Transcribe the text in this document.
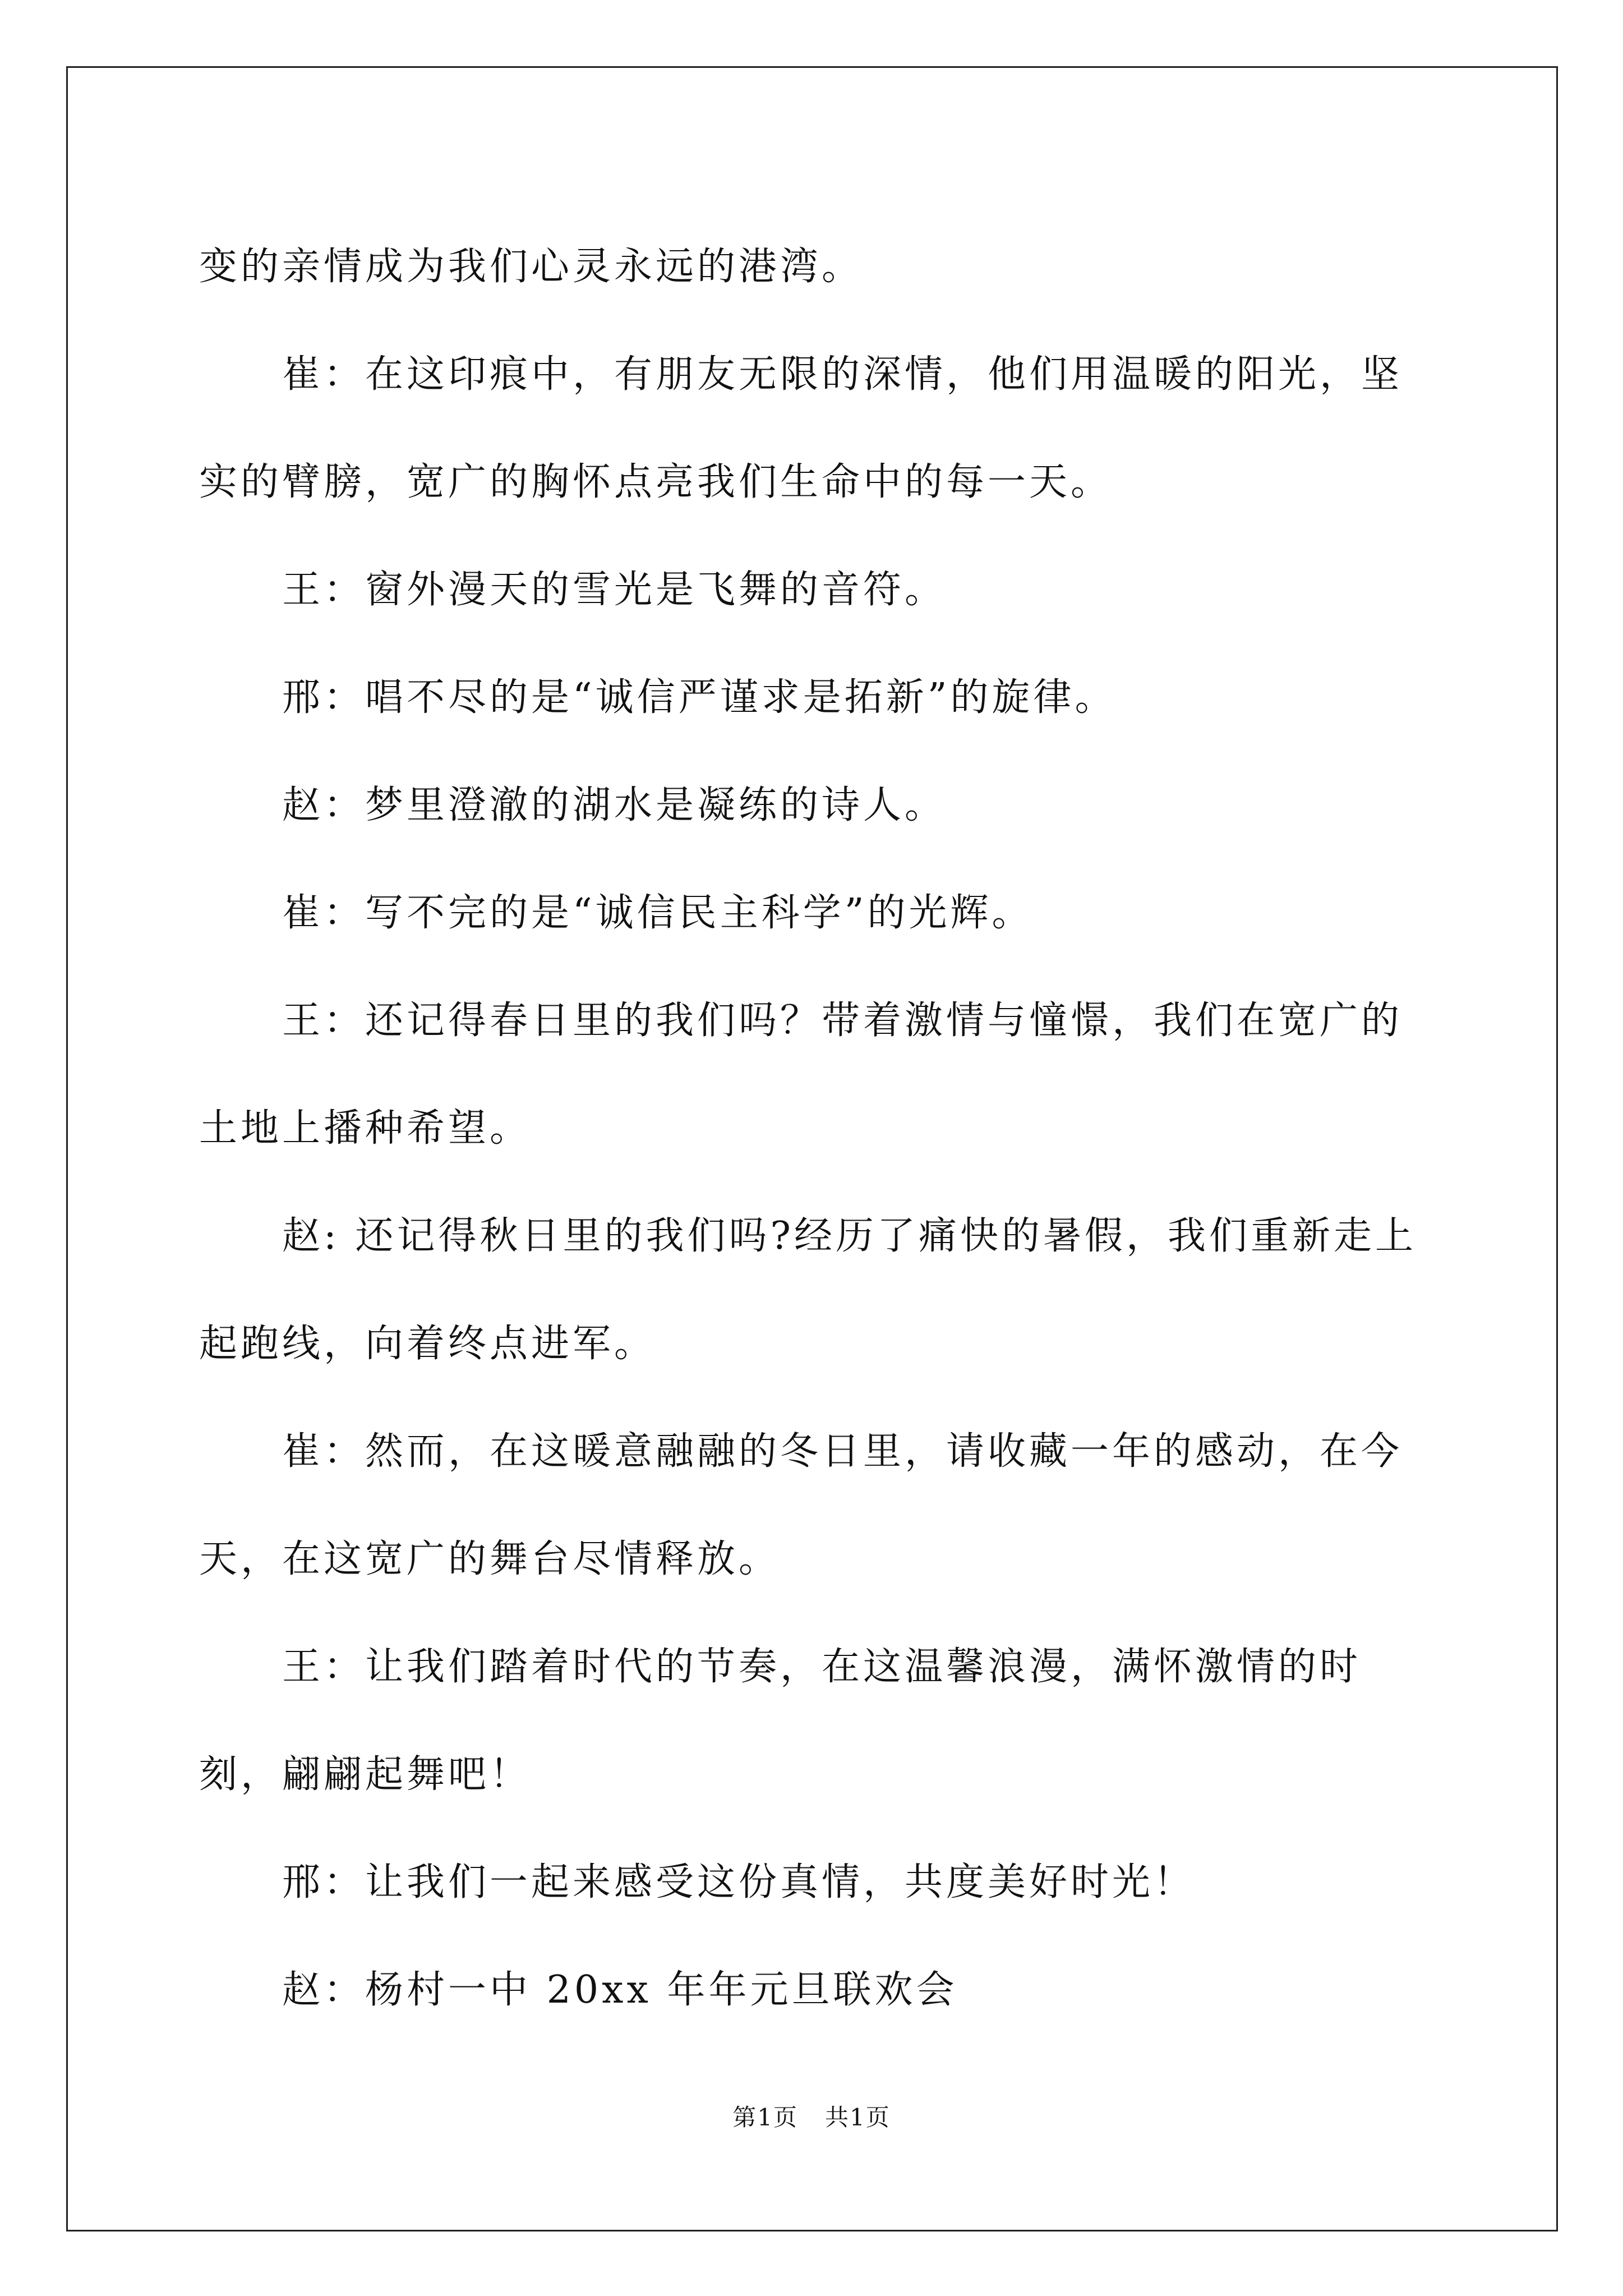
变的亲情成为我们心灵永远的港湾。

崔：在这印痕中，有朋友无限的深情，他们用温暖的阳光，坚实的臂膀，宽广的胸怀点亮我们生命中的每一天。

王：窗外漫天的雪光是飞舞的音符。

邢：唱不尽的是“诚信严谨求是拓新”的旋律。

赵：梦里澄澈的湖水是凝练的诗人。

崔：写不完的是“诚信民主科学”的光辉。

王：还记得春日里的我们吗？带着激情与憧憬，我们在宽广的土地上播种希望。

赵: 还记得秋日里的我们吗?经历了痛快的暑假，我们重新走上起跑线，向着终点进军。

崔：然而，在这暖意融融的冬日里，请收藏一年的感动，在今天，在这宽广的舞台尽情释放。

王：让我们踏着时代的节奏，在这温馨浪漫，满怀激情的时刻，翩翩起舞吧！

邢：让我们一起来感受这份真情，共度美好时光！

赵：杨村一中 20xx 年年元旦联欢会

第1页 共1页
